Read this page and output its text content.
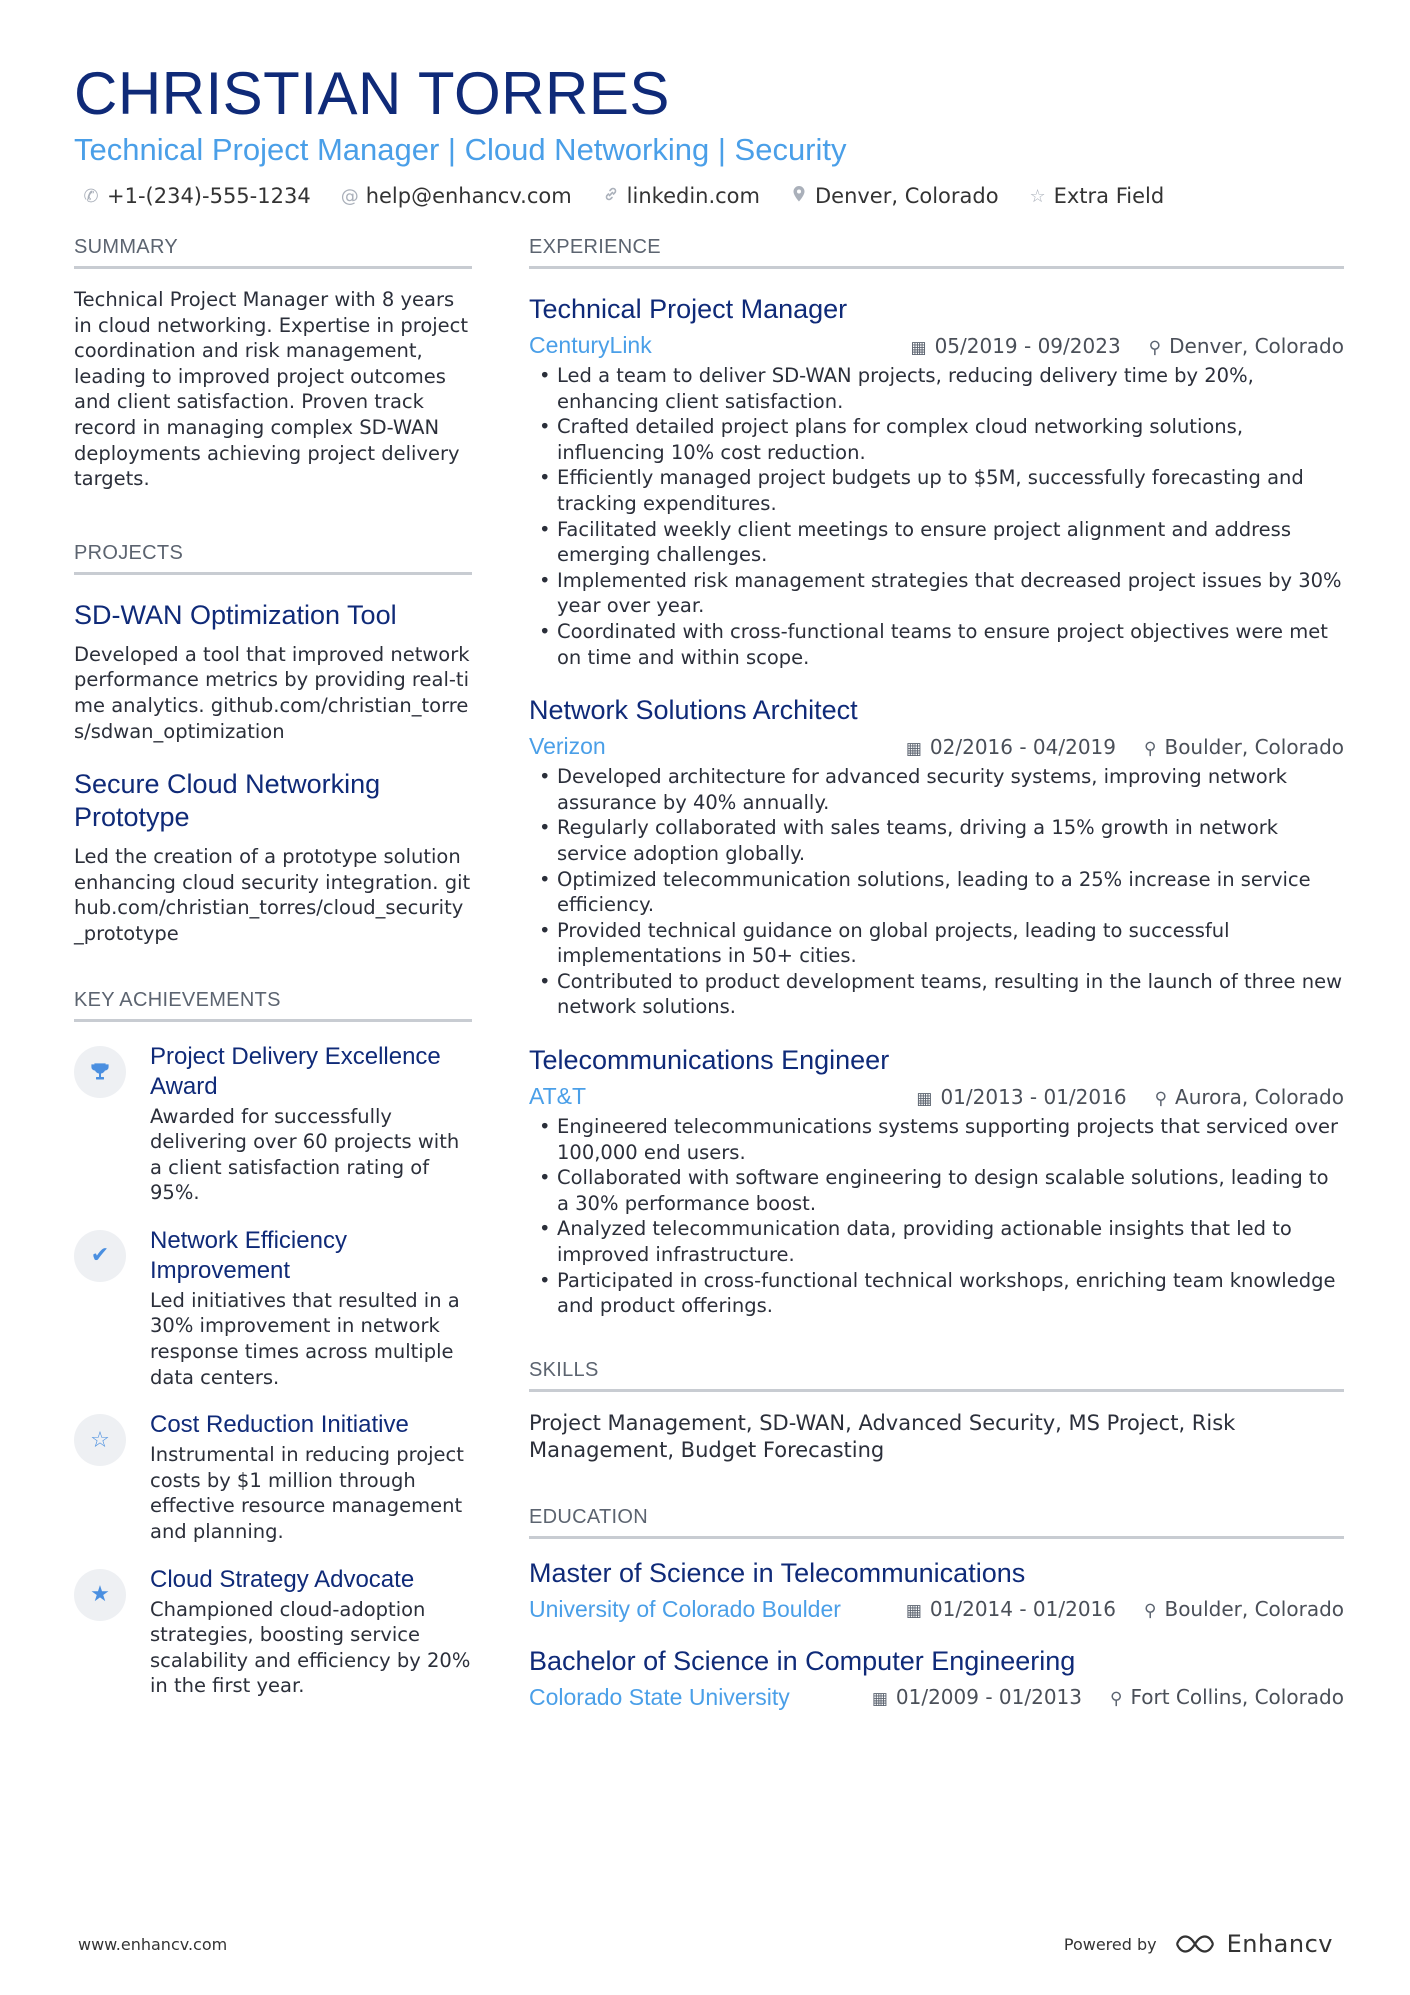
CHRISTIAN TORRES
Technical Project Manager | Cloud Networking | Security
✆ +1-(234)-555-1234 @ help@enhancv.com	linkedin.com	Denver, Colorado ☆ Extra Field
SUMMARY
Technical Project Manager with 8 years in cloud networking. Expertise in project coordination and risk management, leading to improved project outcomes and client satisfaction. Proven track record in managing complex SD-WAN deployments achieving project delivery targets.
PROJECTS
SD-WAN Optimization Tool
Developed a tool that improved network performance metrics by providing real-time analytics. github.com/christian_torres/sdwan_optimization
Secure Cloud Networking Prototype
Led the creation of a prototype solution enhancing cloud security integration. github.com/christian_torres/cloud_security_prototype
KEY ACHIEVEMENTS
Project Delivery Excellence Award
Awarded for successfully delivering over 60 projects with a client satisfaction rating of 95%.
✔
Network Efficiency Improvement
Led initiatives that resulted in a 30% improvement in network response times across multiple data centers.
☆
Cost Reduction Initiative
Instrumental in reducing project costs by $1 million through effective resource management and planning.
★
Cloud Strategy Advocate
Championed cloud-adoption strategies, boosting service scalability and efficiency by 20% in the first year.
EXPERIENCE
Technical Project Manager
CenturyLink	▦ 05/2019 - 09/2023 ⚲ Denver, Colorado
• Led a team to deliver SD-WAN projects, reducing delivery time by 20%, enhancing client satisfaction.
• Crafted detailed project plans for complex cloud networking solutions, influencing 10% cost reduction.
• Efficiently managed project budgets up to $5M, successfully forecasting and tracking expenditures.
• Facilitated weekly client meetings to ensure project alignment and address emerging challenges.
• Implemented risk management strategies that decreased project issues by 30% year over year.
• Coordinated with cross-functional teams to ensure project objectives were met on time and within scope.
Network Solutions Architect
Verizon	▦ 02/2016 - 04/2019 ⚲ Boulder, Colorado
• Developed architecture for advanced security systems, improving network assurance by 40% annually.
• Regularly collaborated with sales teams, driving a 15% growth in network service adoption globally.
• Optimized telecommunication solutions, leading to a 25% increase in service efficiency.
• Provided technical guidance on global projects, leading to successful implementations in 50+ cities.
• Contributed to product development teams, resulting in the launch of three new network solutions.
Telecommunications Engineer
AT&T	▦ 01/2013 - 01/2016 ⚲ Aurora, Colorado
• Engineered telecommunications systems supporting projects that serviced over 100,000 end users.
• Collaborated with software engineering to design scalable solutions, leading to a 30% performance boost.
• Analyzed telecommunication data, providing actionable insights that led to improved infrastructure.
• Participated in cross-functional technical workshops, enriching team knowledge and product offerings.
SKILLS
Project Management, SD-WAN, Advanced Security, MS Project, Risk Management, Budget Forecasting
EDUCATION
Master of Science in Telecommunications
University of Colorado Boulder	▦ 01/2014 - 01/2016 ⚲ Boulder, Colorado
Bachelor of Science in Computer Engineering
Colorado State University	▦ 01/2009 - 01/2013 ⚲ Fort Collins, Colorado
www.enhancv.com	Powered by	Enhancv
